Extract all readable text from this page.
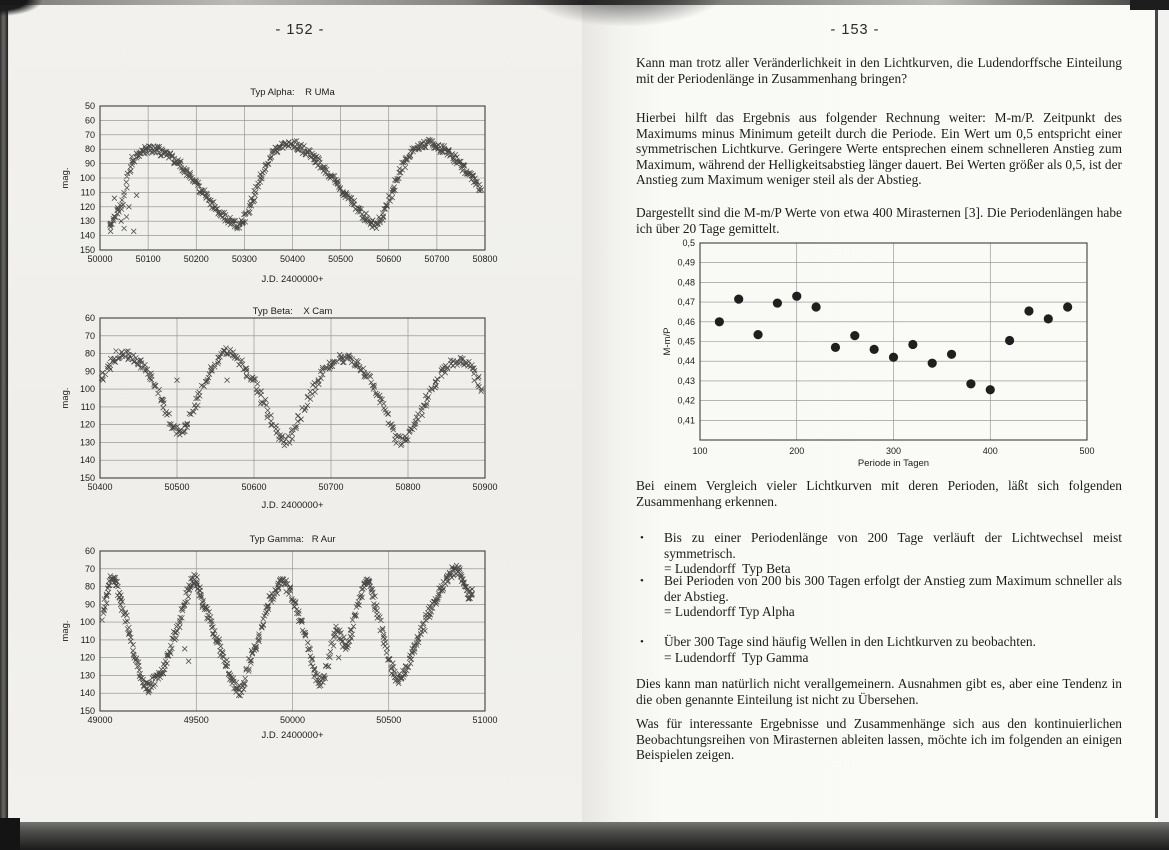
- 152 -	- 153 -
50000	50100	50200	50300	50400	50500	50600	50700	50800
50
60
70
80
90
100
110
120
130
140
150
Typ Alpha:    R UMa
J.D. 2400000+
mag.
50400	50500	50600	50700	50800	50900
60
70
80
90
100
110
120
130
140
150
Typ Beta:    X Cam
J.D. 2400000+
mag.
49000	49500	50000	50500	51000
60
70
80
90
100
110
120
130
140
150
Typ Gamma:   R Aur
J.D. 2400000+
mag.
100	200	300	400	500
0,5
0,49
0,48
0,47
0,46
0,45
0,44
0,43
0,42
0,41
Periode in Tagen
M-m/P
Kann man trotz aller Veränderlichkeit in den Lichtkurven, die Ludendorffsche Einteilung mit der Periodenlänge in Zusammenhang bringen?
Hierbei hilft das Ergebnis aus folgender Rechnung weiter: M-m/P. Zeitpunkt des Maximums minus Minimum geteilt durch die Periode. Ein Wert um 0,5 entspricht einer symmetrischen Lichtkurve. Geringere Werte entsprechen einem schnelleren Anstieg zum Maximum, während der Helligkeitsabstieg länger dauert. Bei Werten größer als 0,5, ist der Anstieg zum Maximum weniger steil als der Abstieg.
Dargestellt sind die M-m/P Werte von etwa 400 Mirasternen [3]. Die Periodenlängen habe ich über 20 Tage gemittelt.
Bei einem Vergleich vieler Lichtkurven mit deren Perioden, läßt sich folgenden Zusammenhang erkennen.
• Bis zu einer Periodenlänge von 200 Tage verläuft der Lichtwechsel meist symmetrisch.
= Ludendorff  Typ Beta
• Bei Perioden von 200 bis 300 Tagen erfolgt der Anstieg zum Maximum schneller als der Abstieg.
= Ludendorff Typ Alpha
• Über 300 Tage sind häufig Wellen in den Lichtkurven zu beobachten.
= Ludendorff  Typ Gamma
Dies kann man natürlich nicht verallgemeinern. Ausnahmen gibt es, aber eine Tendenz in die oben genannte Einteilung ist nicht zu Übersehen.
Was für interessante Ergebnisse und Zusammenhänge sich aus den kontinuierlichen Beobachtungsreihen von Mirasternen ableiten lassen, möchte ich im folgenden an einigen Beispielen zeigen.
